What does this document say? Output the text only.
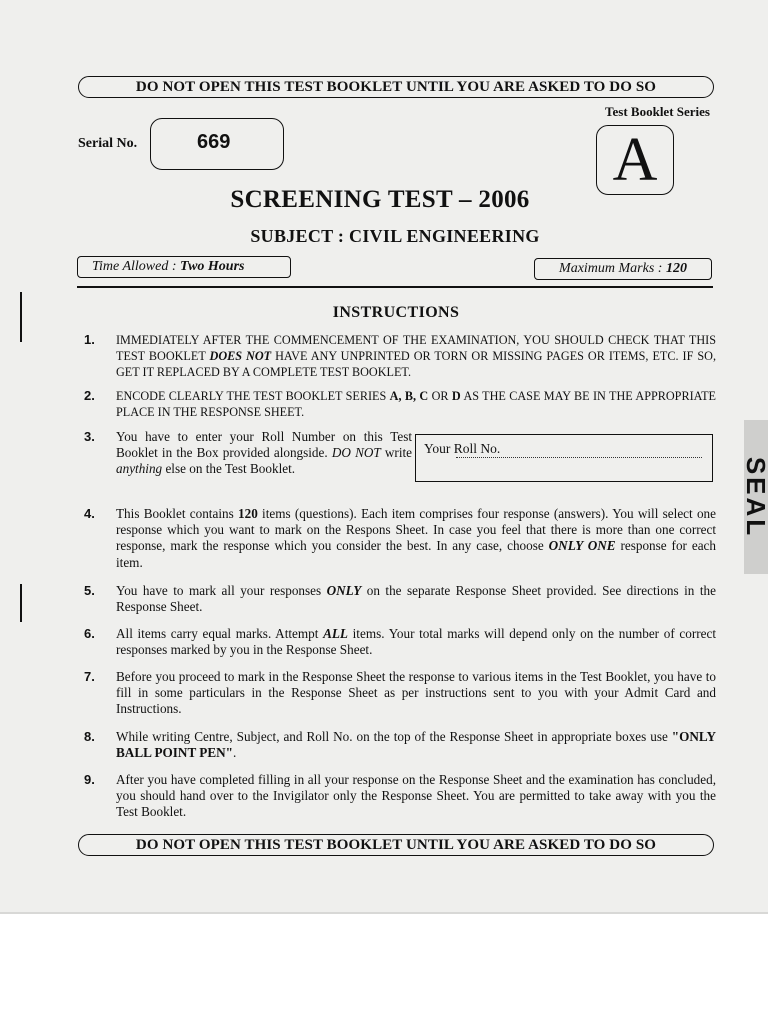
DO NOT OPEN THIS TEST BOOKLET UNTIL YOU ARE ASKED TO DO SO
Test Booklet Series
A
Serial No.	669
SCREENING TEST – 2006
SUBJECT : CIVIL ENGINEERING
Time Allowed :
Two Hours	Maximum Marks :
120
INSTRUCTIONS
1.	IMMEDIATELY AFTER THE COMMENCEMENT OF THE EXAMINATION, YOU SHOULD CHECK THAT THIS TEST BOOKLET DOES NOT HAVE ANY UNPRINTED OR TORN OR MISSING PAGES OR ITEMS, ETC. IF SO, GET IT REPLACED BY A COMPLETE TEST BOOKLET.
2.	ENCODE CLEARLY THE TEST BOOKLET SERIES A, B, C OR D AS THE CASE MAY BE IN THE APPROPRIATE PLACE IN THE RESPONSE SHEET.
3.	You have to enter your Roll Number on this Test Booklet in the Box provided alongside. DO NOT write anything else on the Test Booklet.
Your Roll No.
4.	This Booklet contains 120 items (questions). Each item comprises four response (answers). You will select one response which you want to mark on the Respons Sheet. In case you feel that there is more than one correct response, mark the response which you consider the best. In any case, choose ONLY ONE response for each item.
5.	You have to mark all your responses ONLY on the separate Response Sheet provided. See directions in the Response Sheet.
6.	All items carry equal marks. Attempt ALL items. Your total marks will depend only on the number of correct responses marked by you in the Response Sheet.
7.	Before you proceed to mark in the Response Sheet the response to various items in the Test Booklet, you have to fill in some particulars in the Response Sheet as per instructions sent to you with your Admit Card and Instructions.
8.	While writing Centre, Subject, and Roll No. on the top of the Response Sheet in appropriate boxes use "ONLY BALL POINT PEN".
9.	After you have completed filling in all your response on the Response Sheet and the examination has concluded, you should hand over to the Invigilator only the Response Sheet. You are permitted to take away with you the Test Booklet.
DO NOT OPEN THIS TEST BOOKLET UNTIL YOU ARE ASKED TO DO SO
SEAL
